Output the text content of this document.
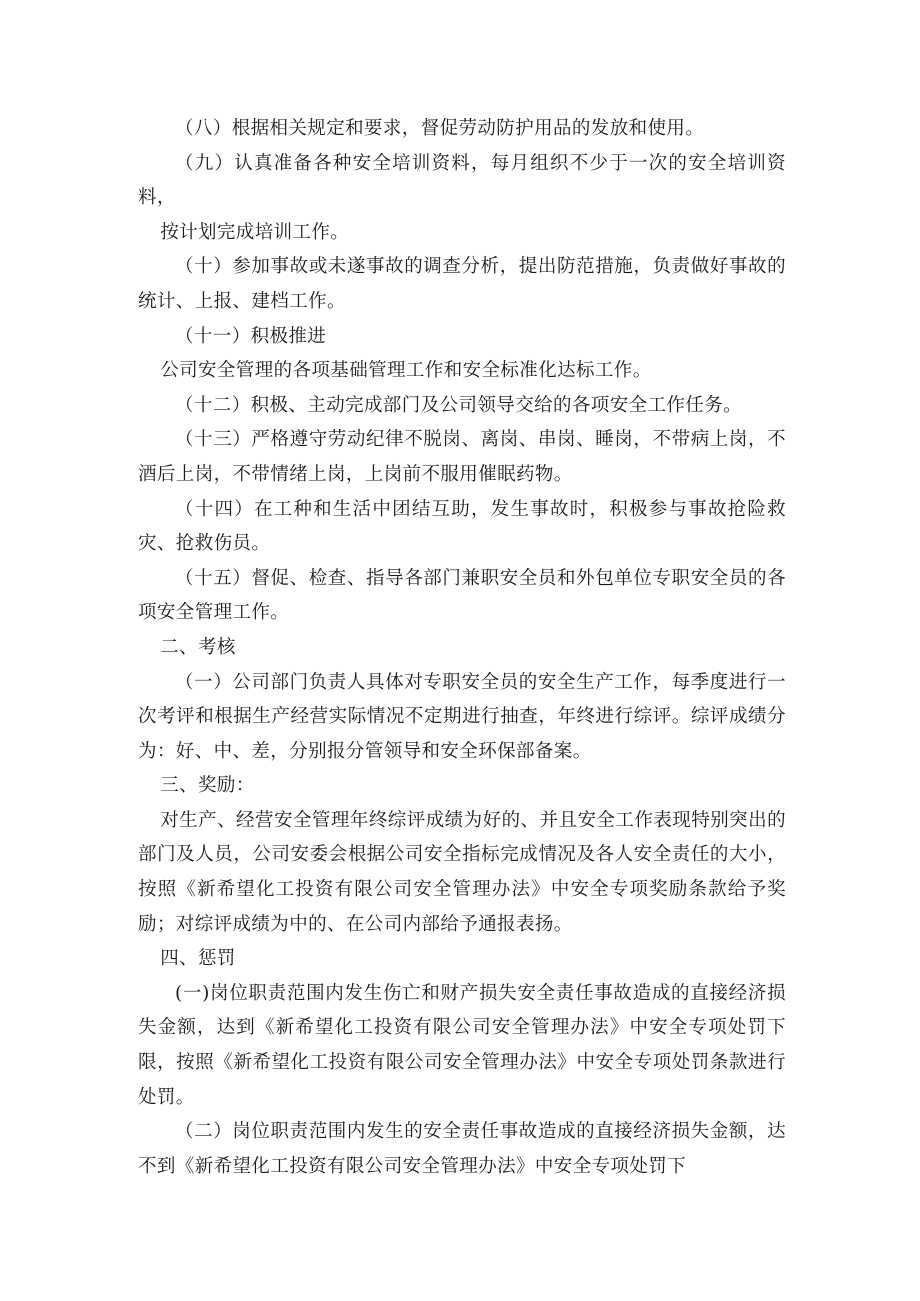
（八）根据相关规定和要求，督促劳动防护用品的发放和使用。

（九）认真准备各种安全培训资料，每月组织不少于一次的安全培训资料，

按计划完成培训工作。

（十）参加事故或未遂事故的调查分析，提出防范措施，负责做好事故的统计、上报、建档工作。

（十一）积极推进

公司安全管理的各项基础管理工作和安全标准化达标工作。

（十二）积极、主动完成部门及公司领导交给的各项安全工作任务。

（十三）严格遵守劳动纪律不脱岗、离岗、串岗、睡岗，不带病上岗，不酒后上岗，不带情绪上岗，上岗前不服用催眠药物。

（十四）在工种和生活中团结互助，发生事故时，积极参与事故抢险救灾、抢救伤员。

（十五）督促、检查、指导各部门兼职安全员和外包单位专职安全员的各项安全管理工作。

二、考核

（一）公司部门负责人具体对专职安全员的安全生产工作，每季度进行一次考评和根据生产经营实际情况不定期进行抽查，年终进行综评。综评成绩分为：好、中、差，分别报分管领导和安全环保部备案。

三、奖励：

对生产、经营安全管理年终综评成绩为好的、并且安全工作表现特别突出的部门及人员，公司安委会根据公司安全指标完成情况及各人安全责任的大小，按照《新希望化工投资有限公司安全管理办法》中安全专项奖励条款给予奖励；对综评成绩为中的、在公司内部给予通报表扬。

四、惩罚

(一)岗位职责范围内发生伤亡和财产损失安全责任事故造成的直接经济损失金额，达到《新希望化工投资有限公司安全管理办法》中安全专项处罚下限，按照《新希望化工投资有限公司安全管理办法》中安全专项处罚条款进行处罚。

（二）岗位职责范围内发生的安全责任事故造成的直接经济损失金额，达不到《新希望化工投资有限公司安全管理办法》中安全专项处罚下
